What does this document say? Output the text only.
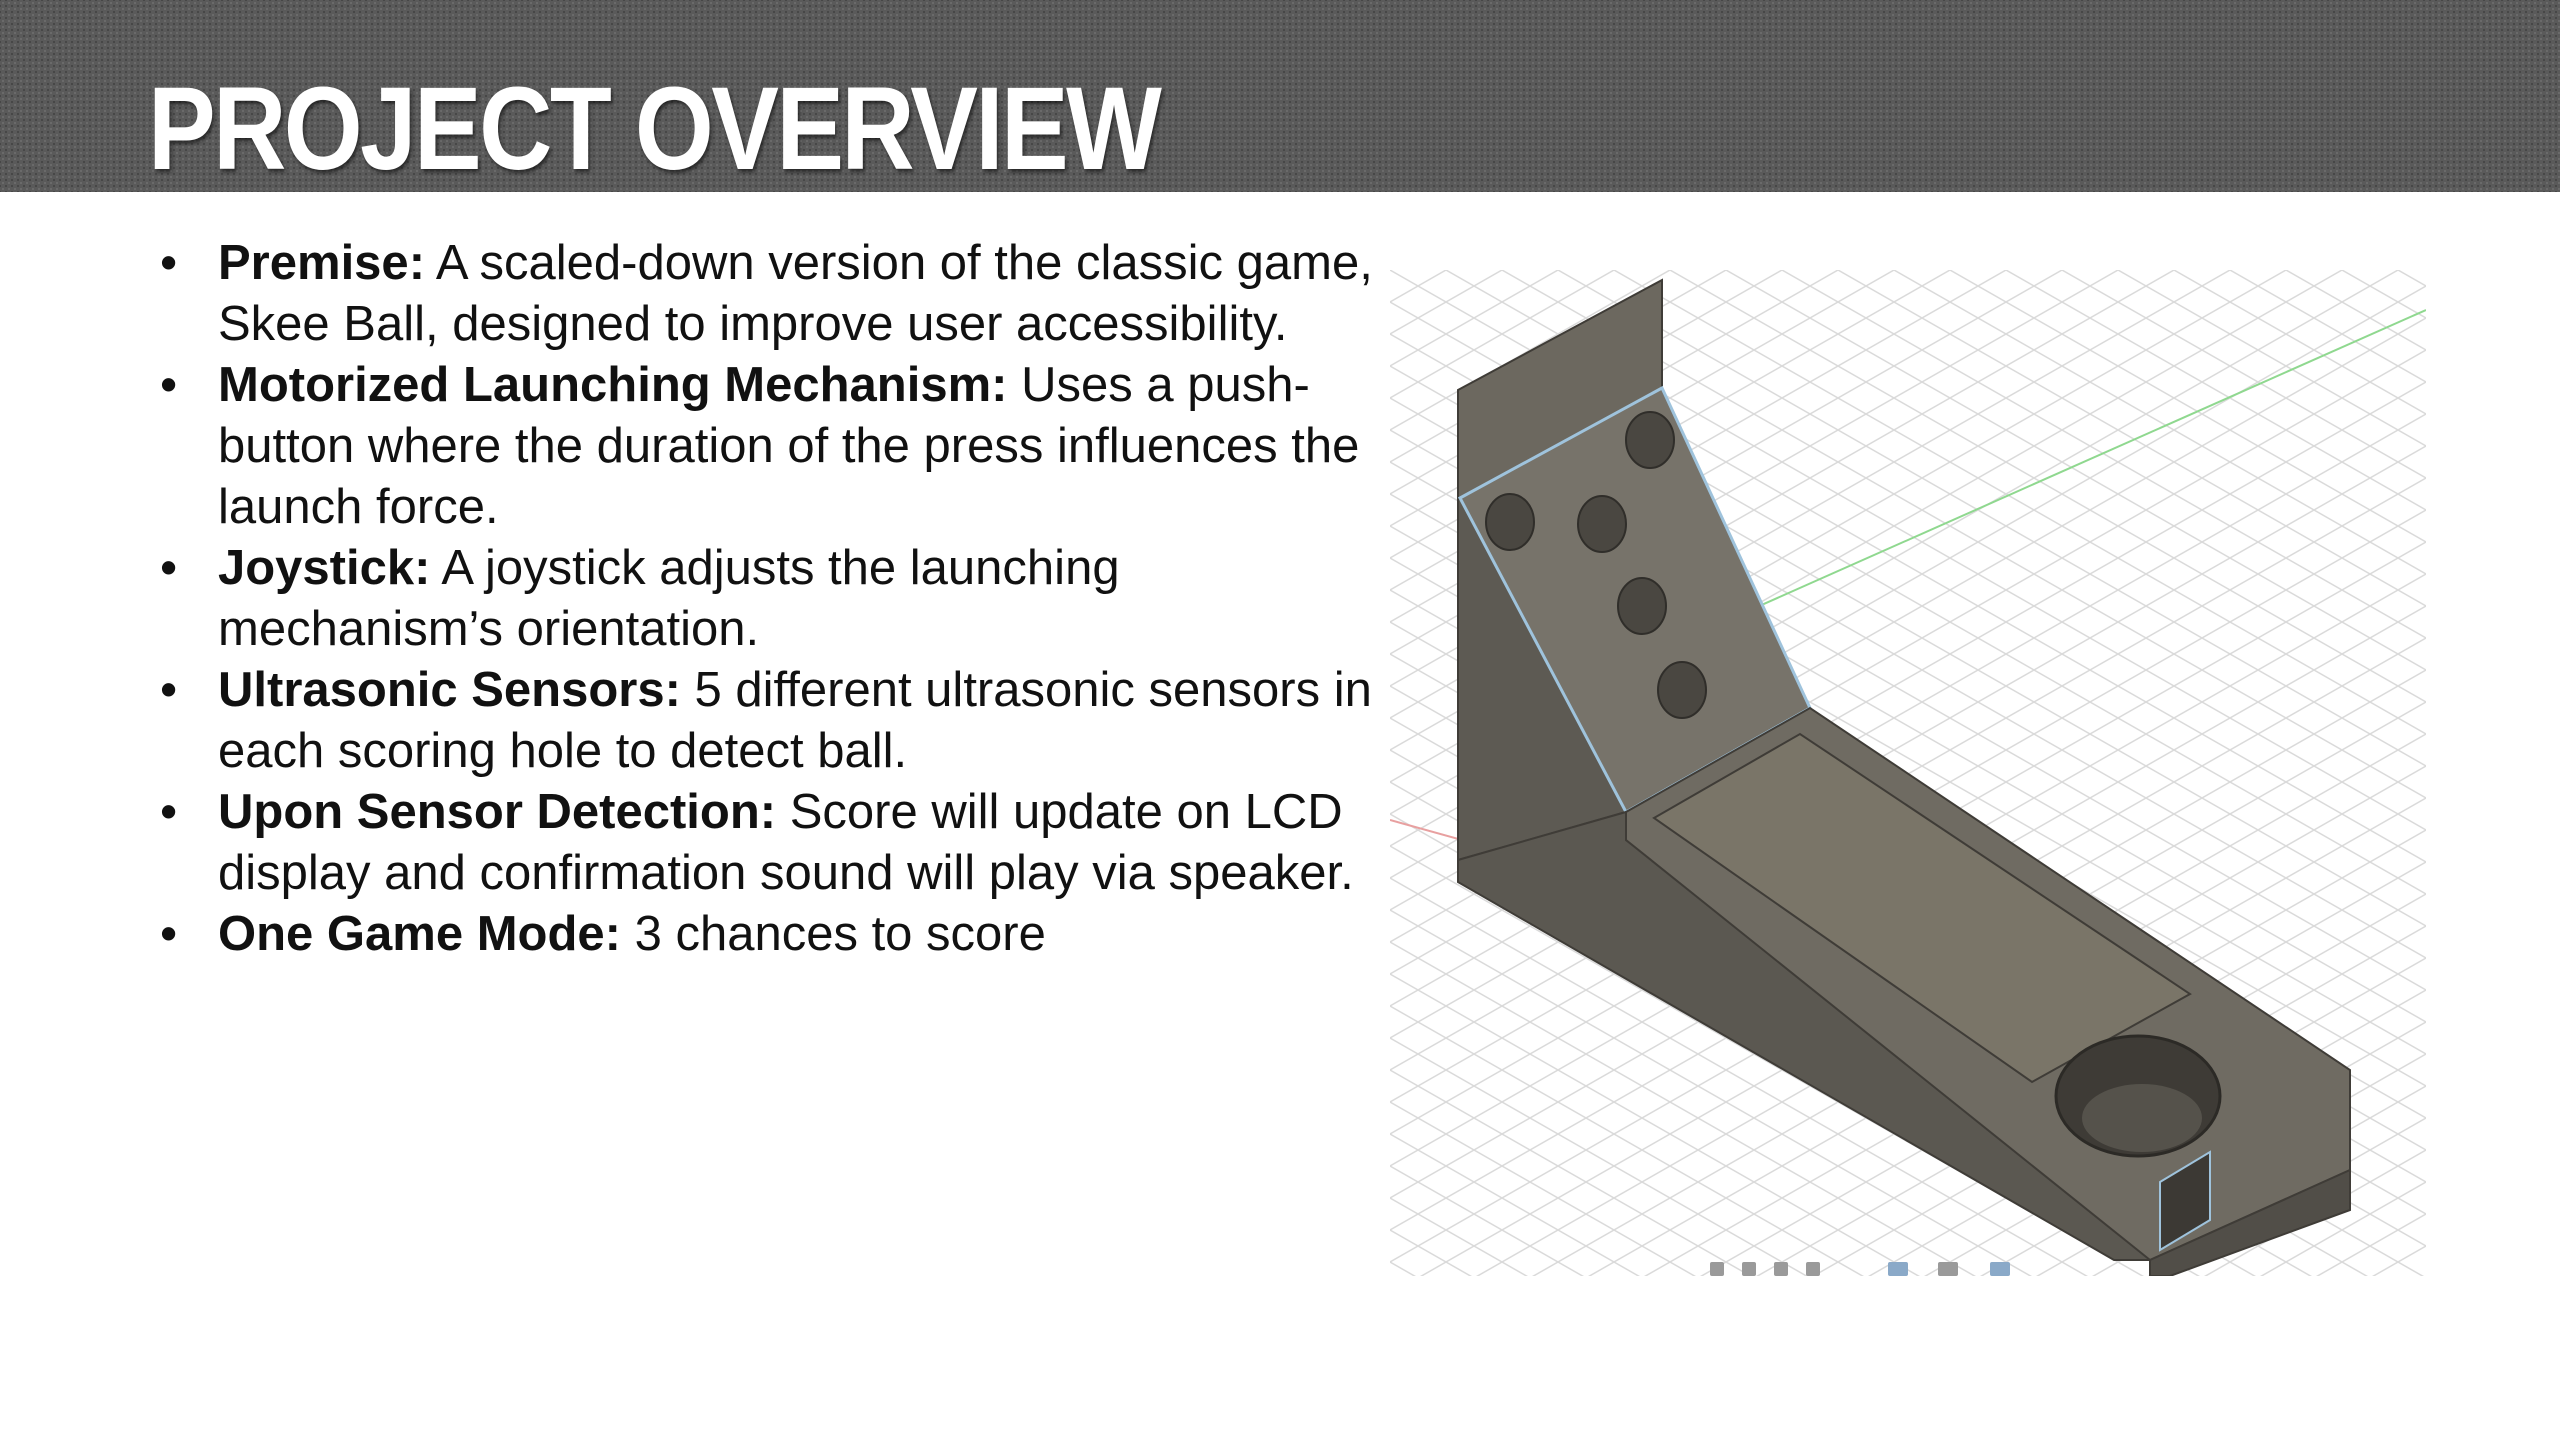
PROJECT OVERVIEW
• Premise: A scaled-down version of the classic game, Skee Ball, designed to improve user accessibility.
• Motorized Launching Mechanism: Uses a push-button where the duration of the press influences the launch force.
• Joystick: A joystick adjusts the launching mechanism’s orientation.
• Ultrasonic Sensors: 5 different ultrasonic sensors in each scoring hole to detect ball.
• Upon Sensor Detection: Score will update on LCD display and confirmation sound will play via speaker.
• One Game Mode: 3 chances to score
